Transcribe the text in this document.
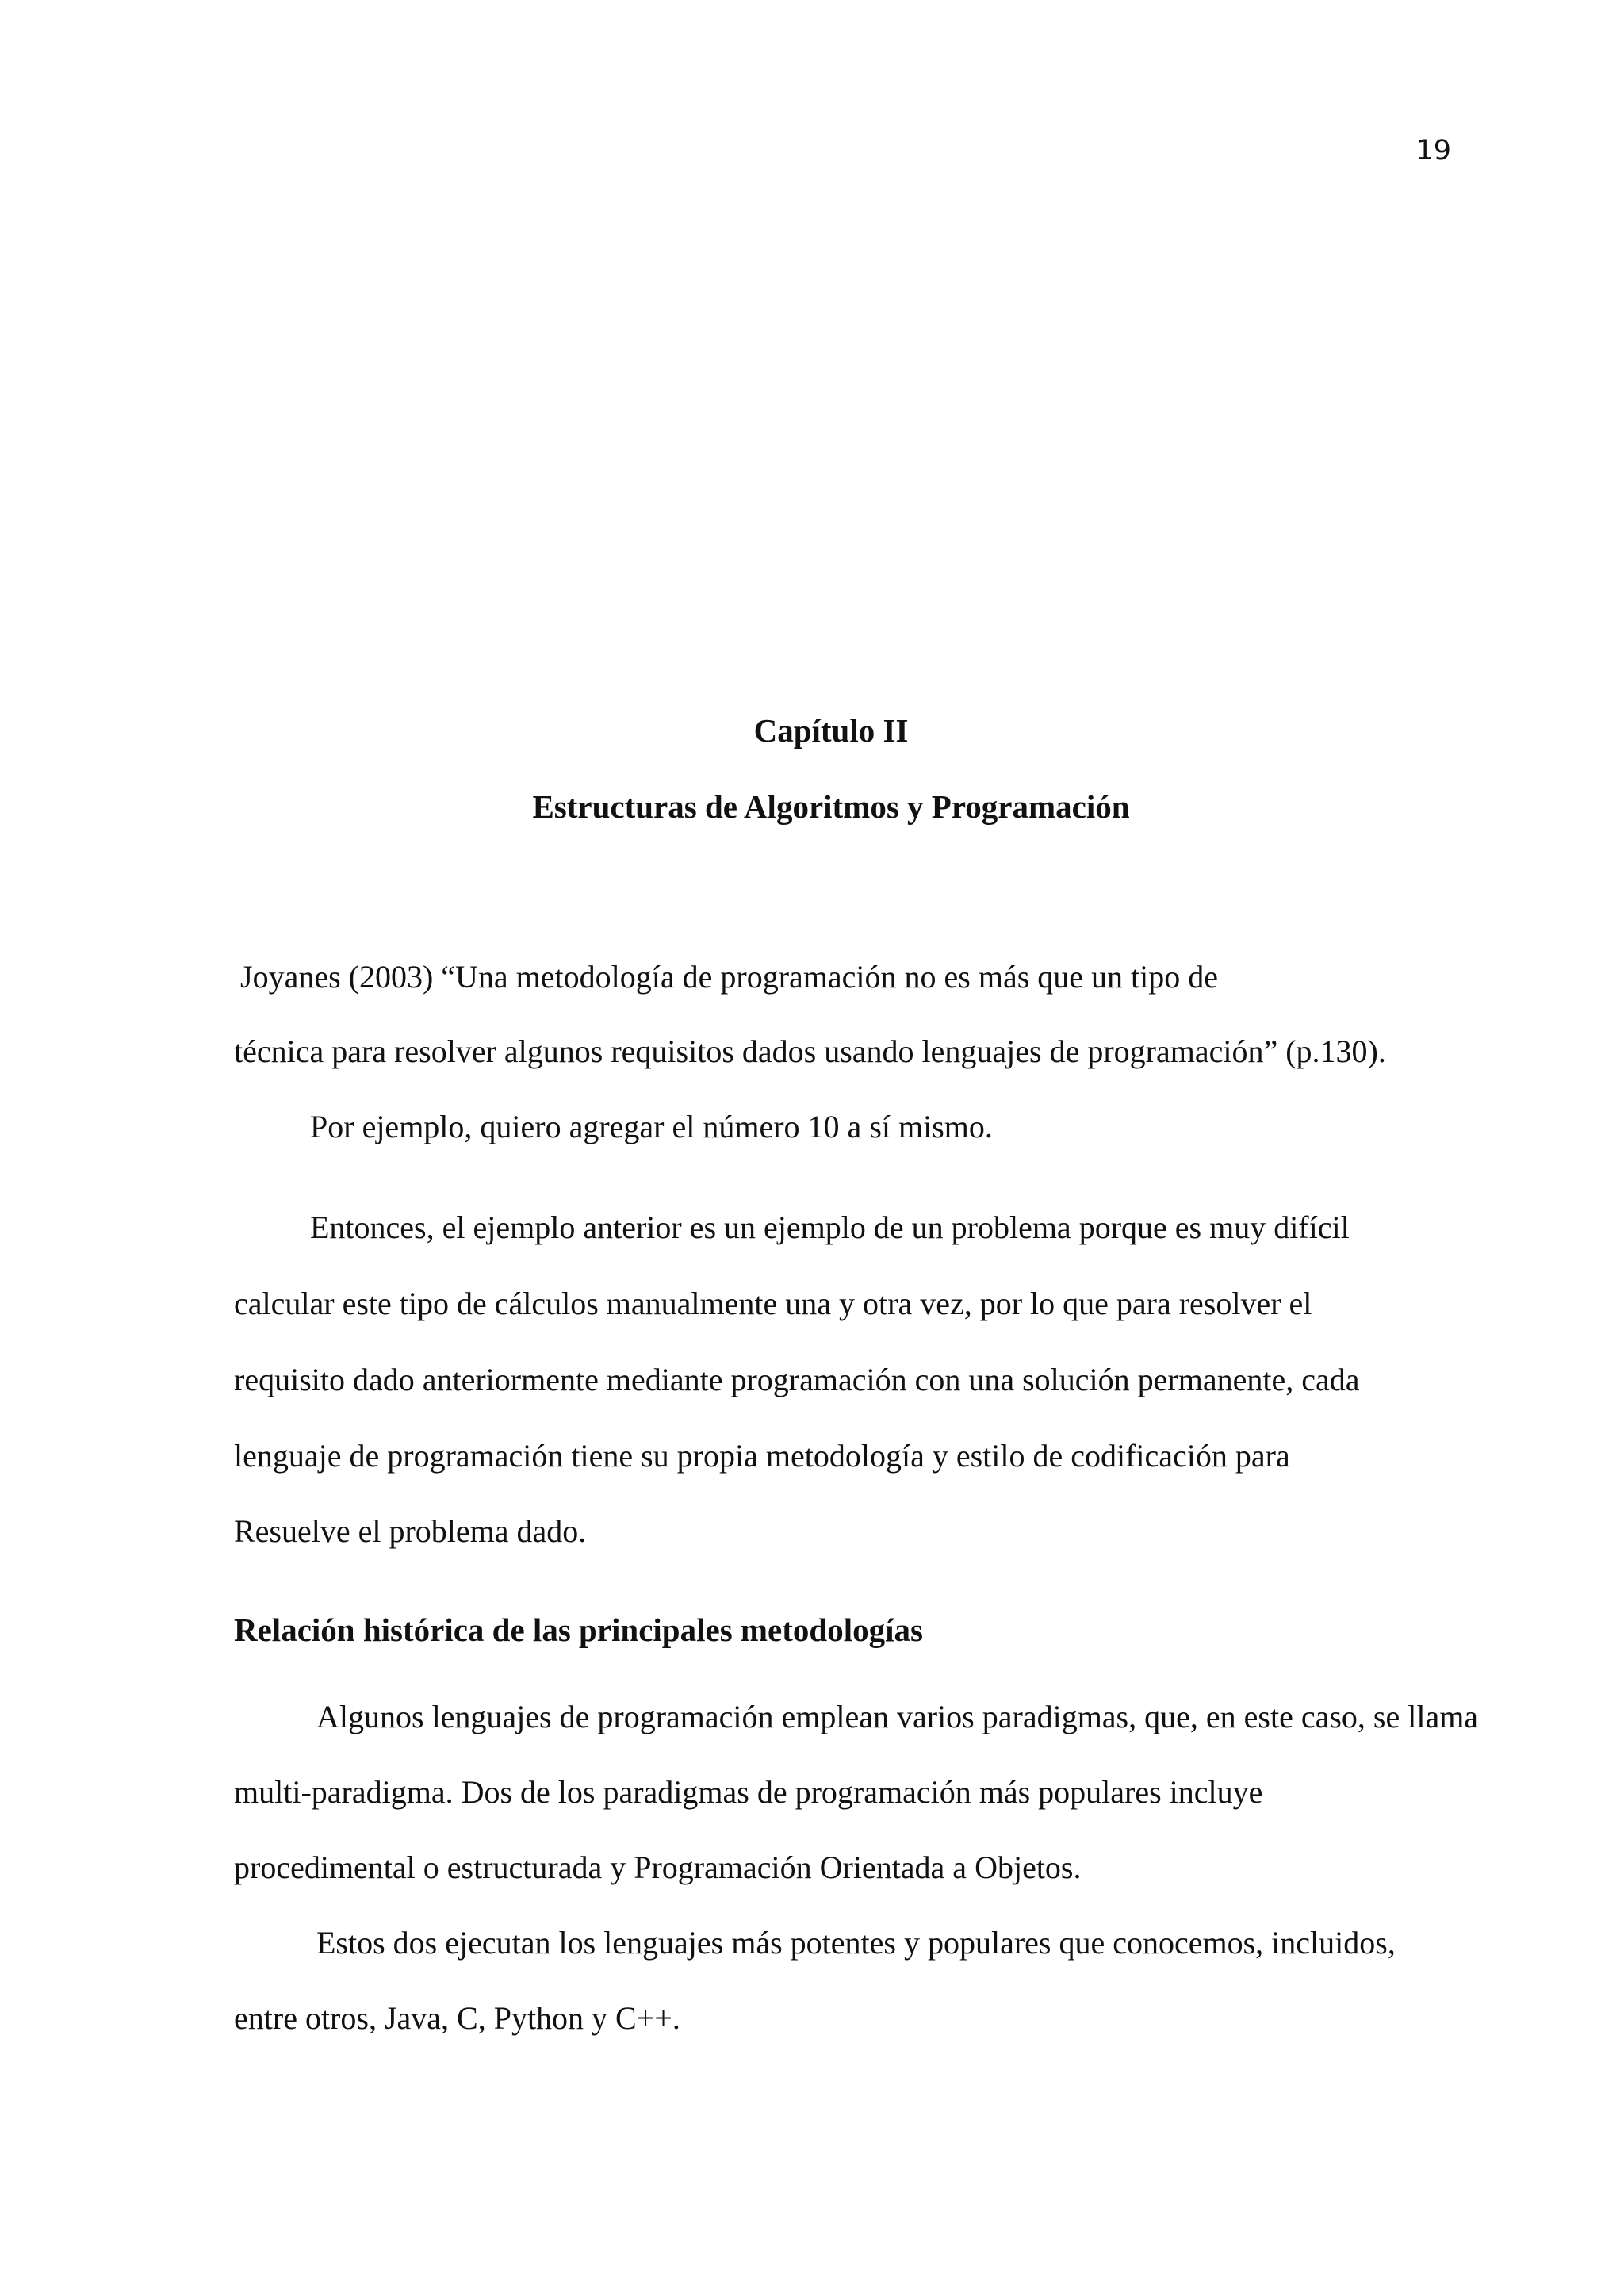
19
Capítulo II
Estructuras de Algoritmos y Programación
Joyanes (2003) “Una metodología de programación no es más que un tipo de
técnica para resolver algunos requisitos dados usando lenguajes de programación” (p.130).
Por ejemplo, quiero agregar el número 10 a sí mismo.
Entonces, el ejemplo anterior es un ejemplo de un problema porque es muy difícil
calcular este tipo de cálculos manualmente una y otra vez, por lo que para resolver el
requisito dado anteriormente mediante programación con una solución permanente, cada
lenguaje de programación tiene su propia metodología y estilo de codificación para
Resuelve el problema dado.
Relación histórica de las principales metodologías
Algunos lenguajes de programación emplean varios paradigmas, que, en este caso, se llama
multi-paradigma. Dos de los paradigmas de programación más populares incluye
procedimental o estructurada y Programación Orientada a Objetos.
Estos dos ejecutan los lenguajes más potentes y populares que conocemos, incluidos,
entre otros, Java, C, Python y C++.
